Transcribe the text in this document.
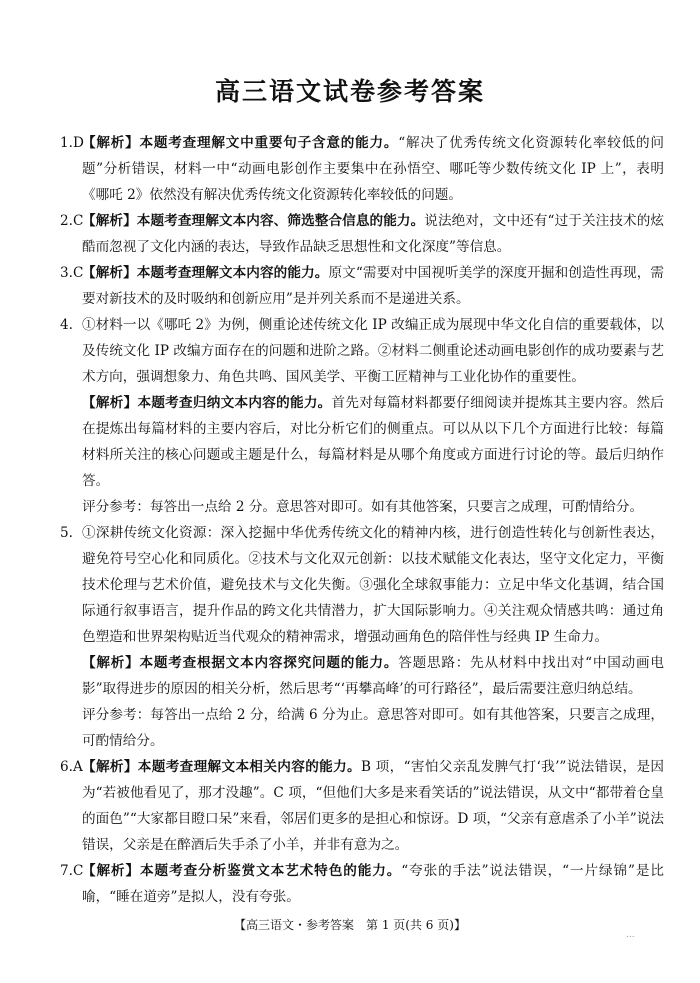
高三语文试卷参考答案
1.D

【解析】本题考查理解文中重要句子含意的能力。“解决了优秀传统文化资源转化率较低的问题”分析错误，材料一中“动画电影创作主要集中在孙悟空、哪吒等少数传统文化 IP 上”，表明《哪吒 2》依然没有解决优秀传统文化资源转化率较低的问题。

2.C

【解析】本题考查理解文本内容、筛选整合信息的能力。说法绝对，文中还有“过于关注技术的炫酷而忽视了文化内涵的表达，导致作品缺乏思想性和文化深度”等信息。

3.C

【解析】本题考查理解文本内容的能力。原文“需要对中国视听美学的深度开掘和创造性再现，需要对新技术的及时吸纳和创新应用”是并列关系而不是递进关系。

4. ①材料一以《哪吒 2》为例，侧重论述传统文化 IP 改编正成为展现中华文化自信的重要载体，以及传统文化 IP 改编方面存在的问题和进阶之路。②材料二侧重论述动画电影创作的成功要素与艺术方向，强调想象力、角色共鸣、国风美学、平衡工匠精神与工业化协作的重要性。

【解析】本题考查归纳文本内容的能力。首先对每篇材料都要仔细阅读并提炼其主要内容。然后在提炼出每篇材料的主要内容后，对比分析它们的侧重点。可以从以下几个方面进行比较：每篇材料所关注的核心问题或主题是什么，每篇材料是从哪个角度或方面进行讨论的等。最后归纳作答。

评分参考：每答出一点给 2 分。意思答对即可。如有其他答案，只要言之成理，可酌情给分。

5. ①深耕传统文化资源：深入挖掘中华优秀传统文化的精神内核，进行创造性转化与创新性表达，避免符号空心化和同质化。②技术与文化双元创新：以技术赋能文化表达，坚守文化定力，平衡技术伦理与艺术价值，避免技术与文化失衡。③强化全球叙事能力：立足中华文化基调，结合国际通行叙事语言，提升作品的跨文化共情潜力，扩大国际影响力。④关注观众情感共鸣：通过角色塑造和世界架构贴近当代观众的精神需求，增强动画角色的陪伴性与经典 IP 生命力。

【解析】本题考查根据文本内容探究问题的能力。答题思路：先从材料中找出对“中国动画电影”取得进步的原因的相关分析，然后思考“‘再攀高峰’的可行路径”，最后需要注意归纳总结。

评分参考：每答出一点给 2 分，给满 6 分为止。意思答对即可。如有其他答案，只要言之成理，可酌情给分。

6.A 【解析】本题考查理解文本相关内容的能力。B 项，“害怕父亲乱发脾气打‘我’”说法错误，是因为“若被他看见了，那才没趣”。C 项，“但他们大多是来看笑话的”说法错误，从文中“都带着仓皇的面色”“大家都目瞪口呆”来看，邻居们更多的是担心和惊讶。D 项，“父亲有意虐杀了小羊”说法错误，父亲是在醉酒后失手杀了小羊，并非有意为之。

7.C

【解析】本题考查分析鉴赏文本艺术特色的能力。“夸张的手法”说法错误，“一片绿锦”是比喻，“睡在道旁”是拟人，没有夸张。

【高三语文・参考答案　第 1 页(共 6 页)】
...
